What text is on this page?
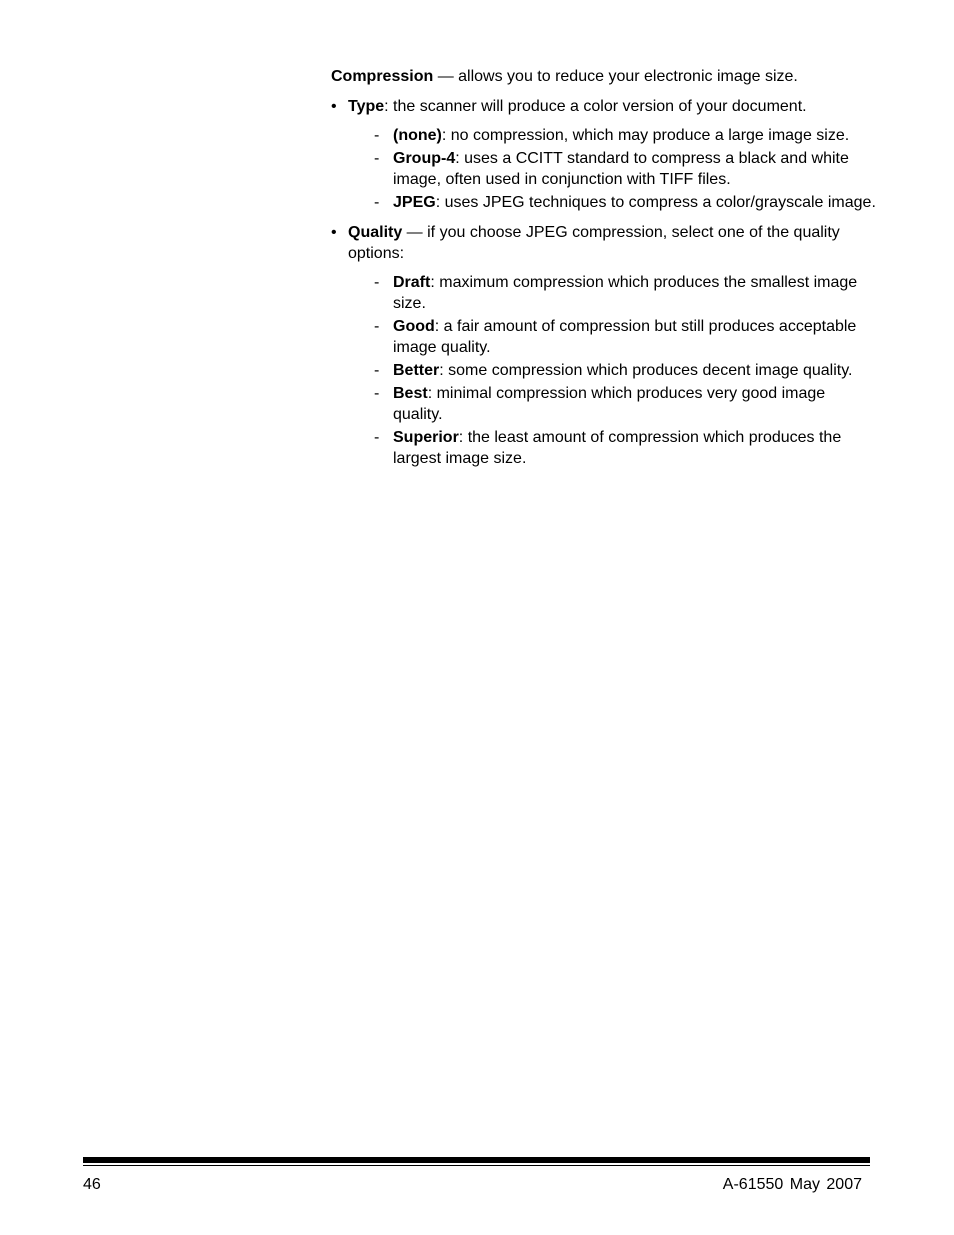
Compression — allows you to reduce your electronic image size.

• Type: the scanner will produce a color version of your document.
- (none): no compression, which may produce a large image size.
- Group-4: uses a CCITT standard to compress a black and white image, often used in conjunction with TIFF files.
- JPEG: uses JPEG techniques to compress a color/grayscale image.
• Quality — if you choose JPEG compression, select one of the quality options:
- Draft: maximum compression which produces the smallest image size.
- Good: a fair amount of compression but still produces acceptable image quality.
- Better: some compression which produces decent image quality.
- Best: minimal compression which produces very good image quality.
- Superior: the least amount of compression which produces the largest image size.
46	A-61550 May 2007
